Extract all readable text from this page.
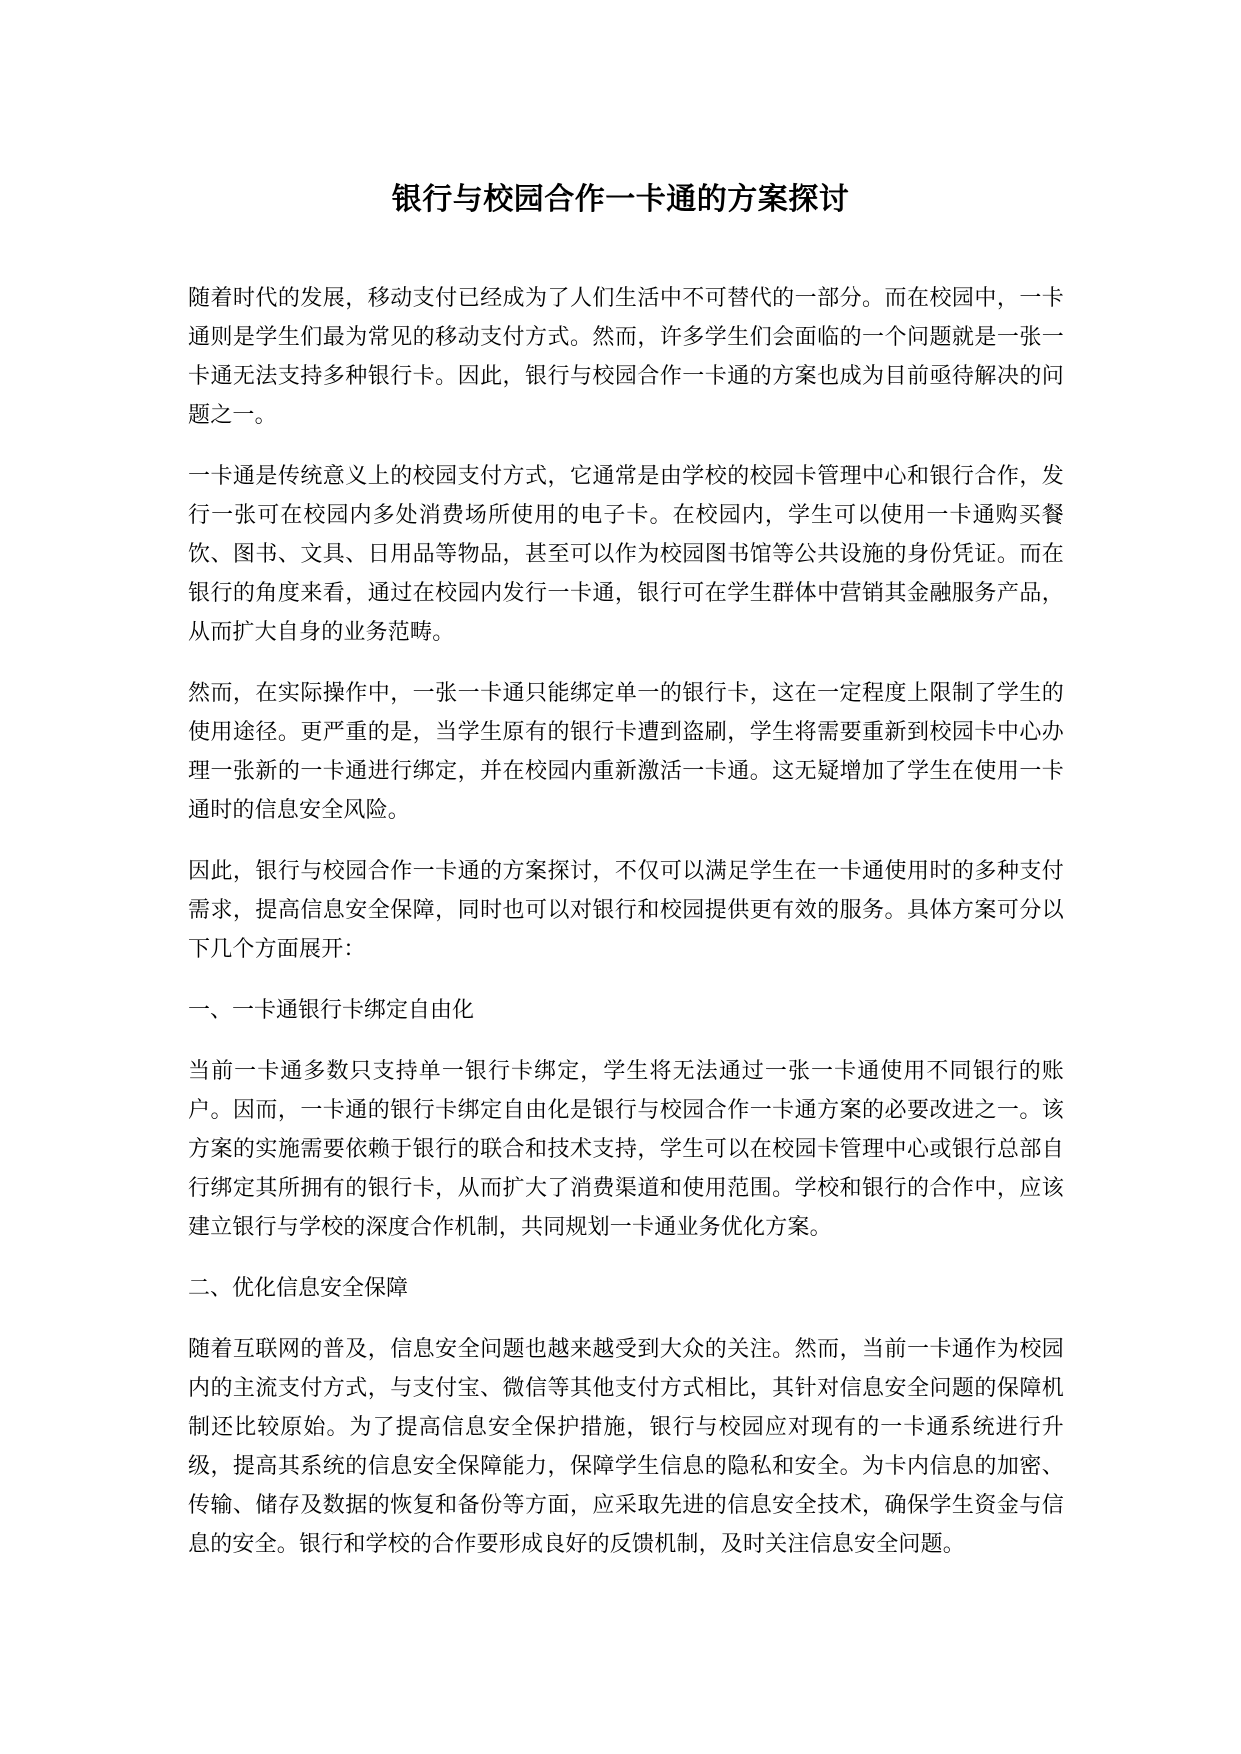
银行与校园合作一卡通的方案探讨

随着时代的发展，移动支付已经成为了人们生活中不可替代的一部分。而在校园中，一卡通则是学生们最为常见的移动支付方式。然而，许多学生们会面临的一个问题就是一张一卡通无法支持多种银行卡。因此，银行与校园合作一卡通的方案也成为目前亟待解决的问题之一。

一卡通是传统意义上的校园支付方式，它通常是由学校的校园卡管理中心和银行合作，发行一张可在校园内多处消费场所使用的电子卡。在校园内，学生可以使用一卡通购买餐饮、图书、文具、日用品等物品，甚至可以作为校园图书馆等公共设施的身份凭证。而在银行的角度来看，通过在校园内发行一卡通，银行可在学生群体中营销其金融服务产品，从而扩大自身的业务范畴。

然而，在实际操作中，一张一卡通只能绑定单一的银行卡，这在一定程度上限制了学生的使用途径。更严重的是，当学生原有的银行卡遭到盗刷，学生将需要重新到校园卡中心办理一张新的一卡通进行绑定，并在校园内重新激活一卡通。这无疑增加了学生在使用一卡通时的信息安全风险。

因此，银行与校园合作一卡通的方案探讨，不仅可以满足学生在一卡通使用时的多种支付需求，提高信息安全保障，同时也可以对银行和校园提供更有效的服务。具体方案可分以下几个方面展开：

一、一卡通银行卡绑定自由化

当前一卡通多数只支持单一银行卡绑定，学生将无法通过一张一卡通使用不同银行的账户。因而，一卡通的银行卡绑定自由化是银行与校园合作一卡通方案的必要改进之一。该方案的实施需要依赖于银行的联合和技术支持，学生可以在校园卡管理中心或银行总部自行绑定其所拥有的银行卡，从而扩大了消费渠道和使用范围。学校和银行的合作中，应该建立银行与学校的深度合作机制，共同规划一卡通业务优化方案。

二、优化信息安全保障

随着互联网的普及，信息安全问题也越来越受到大众的关注。然而，当前一卡通作为校园内的主流支付方式，与支付宝、微信等其他支付方式相比，其针对信息安全问题的保障机制还比较原始。为了提高信息安全保护措施，银行与校园应对现有的一卡通系统进行升级，提高其系统的信息安全保障能力，保障学生信息的隐私和安全。为卡内信息的加密、传输、储存及数据的恢复和备份等方面，应采取先进的信息安全技术，确保学生资金与信息的安全。银行和学校的合作要形成良好的反馈机制，及时关注信息安全问题。
